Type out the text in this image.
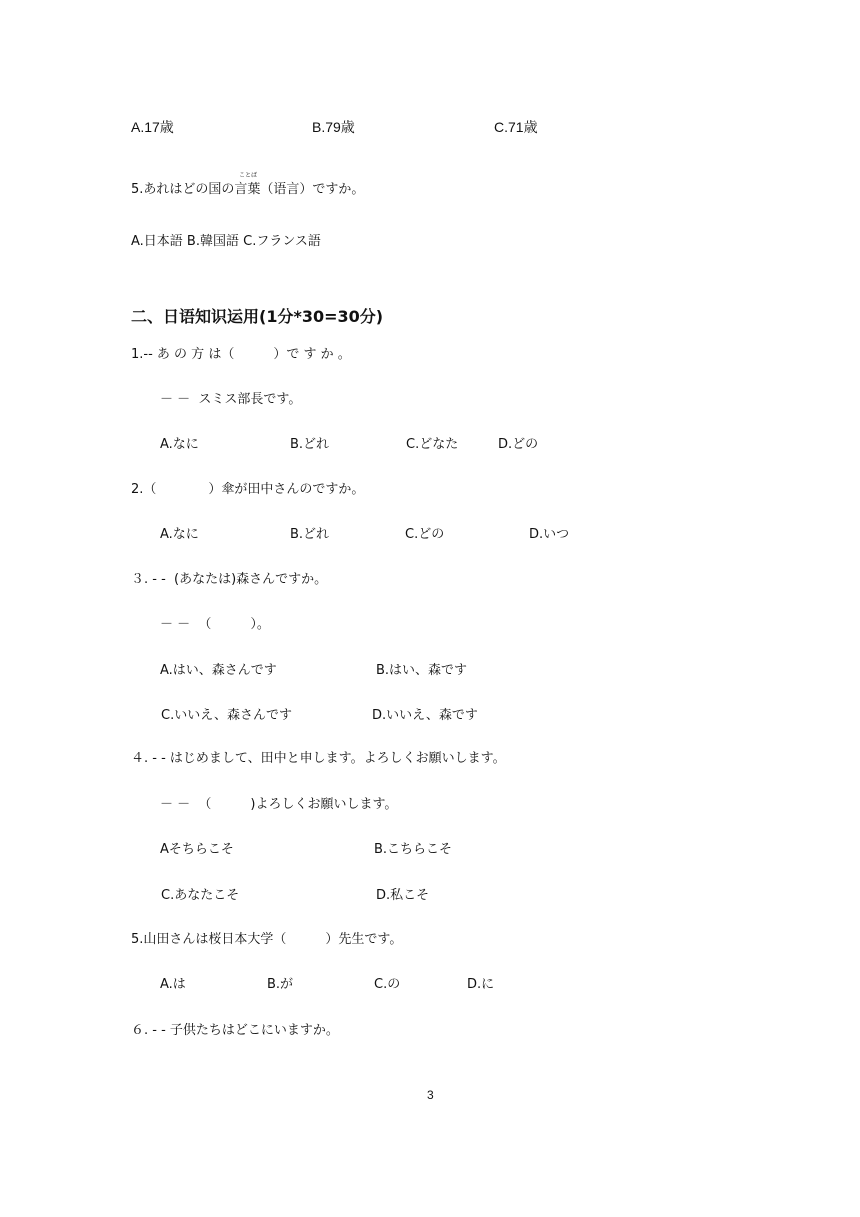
A.17歳	B.79歳	C.71歳
ことば
5.あれはどの国の言葉（语言）ですか。
A.日本語 B.韓国語 C.フランス語
二、日语知识运用(1分*30=30分)
1.-- あ の 方 は（　　　）で す か 。
－ －  スミス部長です。
A.なに	B.どれ	C.どなた	D.どの
2.（　　　　）傘が田中さんのですか。
A.なに	B.どれ	C.どの	D.いつ
３. - -  (あなたは)森さんですか。
－ －  （　　　）。
A.はい、森さんです	B.はい、森です
C.いいえ、森さんです	D.いいえ、森です
４. - - はじめまして、田中と申します。よろしくお願いします。
－ －  （　　　)よろしくお願いします。
Aそちらこそ	B.こちらこそ
C.あなたこそ	D.私こそ
5.山田さんは桜日本大学（　　　）先生です。
A.は	B.が	C.の	D.に
６. - - 子供たちはどこにいますか。
3
